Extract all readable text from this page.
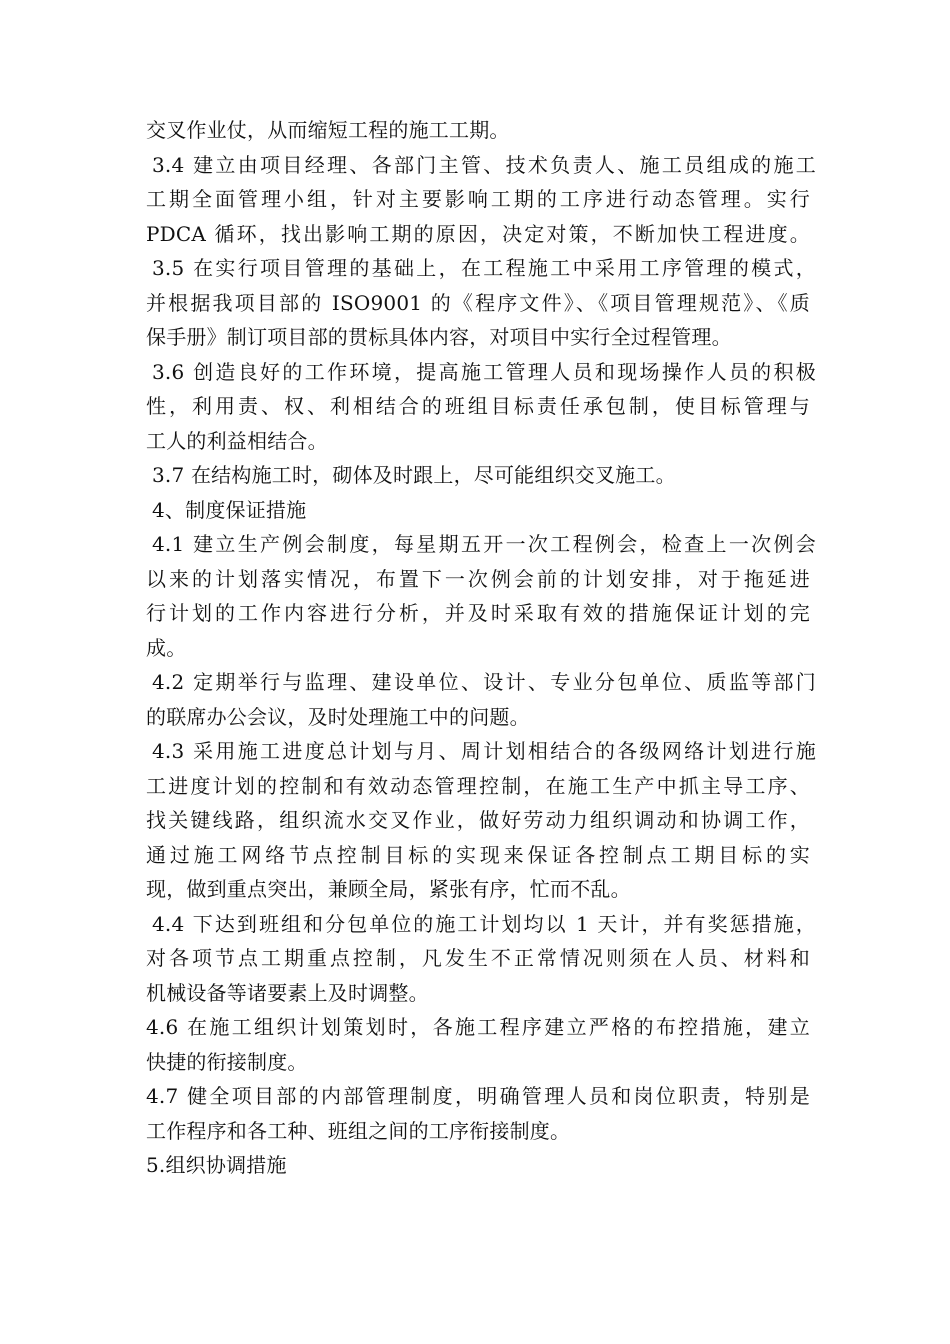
交叉作业仗，从而缩短工程的施工工期。
3.4 建立由项目经理、各部门主管、技术负责人、施工员组成的施工
工期全面管理小组，针对主要影响工期的工序进行动态管理。实行
PDCA 循环，找出影响工期的原因，决定对策，不断加快工程进度。
3.5 在实行项目管理的基础上，在工程施工中采用工序管理的模式，
并根据我项目部的 ISO9001 的《程序文件》、《项目管理规范》、《质
保手册》制订项目部的贯标具体内容，对项目中实行全过程管理。
3.6 创造良好的工作环境，提高施工管理人员和现场操作人员的积极
性，利用责、权、利相结合的班组目标责任承包制，使目标管理与
工人的利益相结合。
3.7 在结构施工时，砌体及时跟上，尽可能组织交叉施工。
4、制度保证措施
4.1 建立生产例会制度，每星期五开一次工程例会，检查上一次例会
以来的计划落实情况，布置下一次例会前的计划安排，对于拖延进
行计划的工作内容进行分析，并及时采取有效的措施保证计划的完
成。
4.2 定期举行与监理、建设单位、设计、专业分包单位、质监等部门
的联席办公会议，及时处理施工中的问题。
4.3 采用施工进度总计划与月、周计划相结合的各级网络计划进行施
工进度计划的控制和有效动态管理控制，在施工生产中抓主导工序、
找关键线路，组织流水交叉作业，做好劳动力组织调动和协调工作，
通过施工网络节点控制目标的实现来保证各控制点工期目标的实
现，做到重点突出，兼顾全局，紧张有序，忙而不乱。
4.4 下达到班组和分包单位的施工计划均以 1 天计，并有奖惩措施，
对各项节点工期重点控制，凡发生不正常情况则须在人员、材料和
机械设备等诸要素上及时调整。
4.6 在施工组织计划策划时，各施工程序建立严格的布控措施，建立
快捷的衔接制度。
4.7 健全项目部的内部管理制度，明确管理人员和岗位职责，特别是
工作程序和各工种、班组之间的工序衔接制度。
5.组织协调措施
